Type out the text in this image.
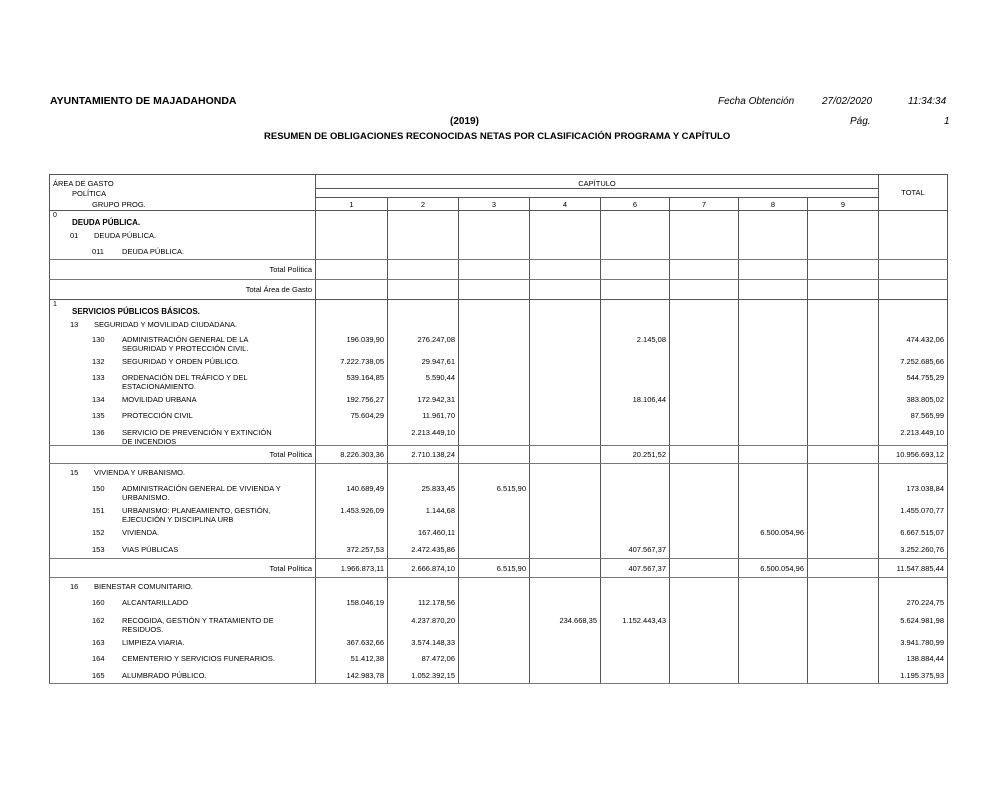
AYUNTAMIENTO DE MAJADAHONDA	Fecha Obtención	27/02/2020	11:34:34
(2019)	Pág.	1
RESUMEN DE OBLIGACIONES RECONOCIDAS NETAS POR CLASIFICACIÓN PROGRAMA Y CAPÍTULO
ÁREA DE GASTO
POLÍTICA
GRUPO PROG.	CAPÍTULO								TOTAL

	1	2	3	4	6	7	8	9	

0
DEUDA PÚBLICA.									

01 DEUDA PÚBLICA.									

011 DEUDA PÚBLICA.									

Total Política									
Total Área de Gasto									

1
SERVICIOS PÚBLICOS BÁSICOS.									

13 SEGURIDAD Y MOVILIDAD CIUDADANA.									

130 ADMINISTRACIÓN GENERAL DE LA SEGURIDAD Y PROTECCIÓN CIVIL.	196.039,90	276.247,08			2.145,08				474.432,06

132 SEGURIDAD Y ORDEN PÚBLICO.	7.222.738,05	29.947,61							7.252.685,66

133 ORDENACIÓN DEL TRÁFICO Y DEL ESTACIONAMIENTO.	539.164,85	5.590,44							544.755,29

134 MOVILIDAD URBANA	192.756,27	172.942,31			18.106,44				383.805,02

135 PROTECCIÓN CIVIL	75.604,29	11.961,70							87.565,99

136 SERVICIO DE PREVENCIÓN Y EXTINCIÓN DE INCENDIOS		2.213.449,10							2.213.449,10
Total Política	8.226.303,36	2.710.138,24			20.251,52				10.956.693,12

15 VIVIENDA Y URBANISMO.									

150 ADMINISTRACIÓN GENERAL DE VIVIENDA Y URBANISMO.	140.689,49	25.833,45	6.515,90						173.038,84

151 URBANISMO: PLANEAMIENTO, GESTIÓN, EJECUCIÓN Y DISCIPLINA URB	1.453.926,09	1.144,68							1.455.070,77

152 VIVIENDA.		167.460,11					6.500.054,96		6.667.515,07

153 VIAS PÚBLICAS	372.257,53	2.472.435,86			407.567,37				3.252.260,76
Total Política	1.966.873,11	2.666.874,10	6.515,90		407.567,37		6.500.054,96		11.547.885,44

16 BIENESTAR COMUNITARIO.									

160 ALCANTARILLADO	158.046,19	112.178,56							270.224,75

162 RECOGIDA, GESTIÓN Y TRATAMIENTO DE RESIDUOS.		4.237.870,20		234.668,35	1.152.443,43				5.624.981,98

163 LIMPIEZA VIARIA.	367.632,66	3.574.148,33							3.941.780,99

164 CEMENTERIO Y SERVICIOS FUNERARIOS.	51.412,38	87.472,06							138.884,44

165 ALUMBRADO PÚBLICO.	142.983,78	1.052.392,15							1.195.375,93
